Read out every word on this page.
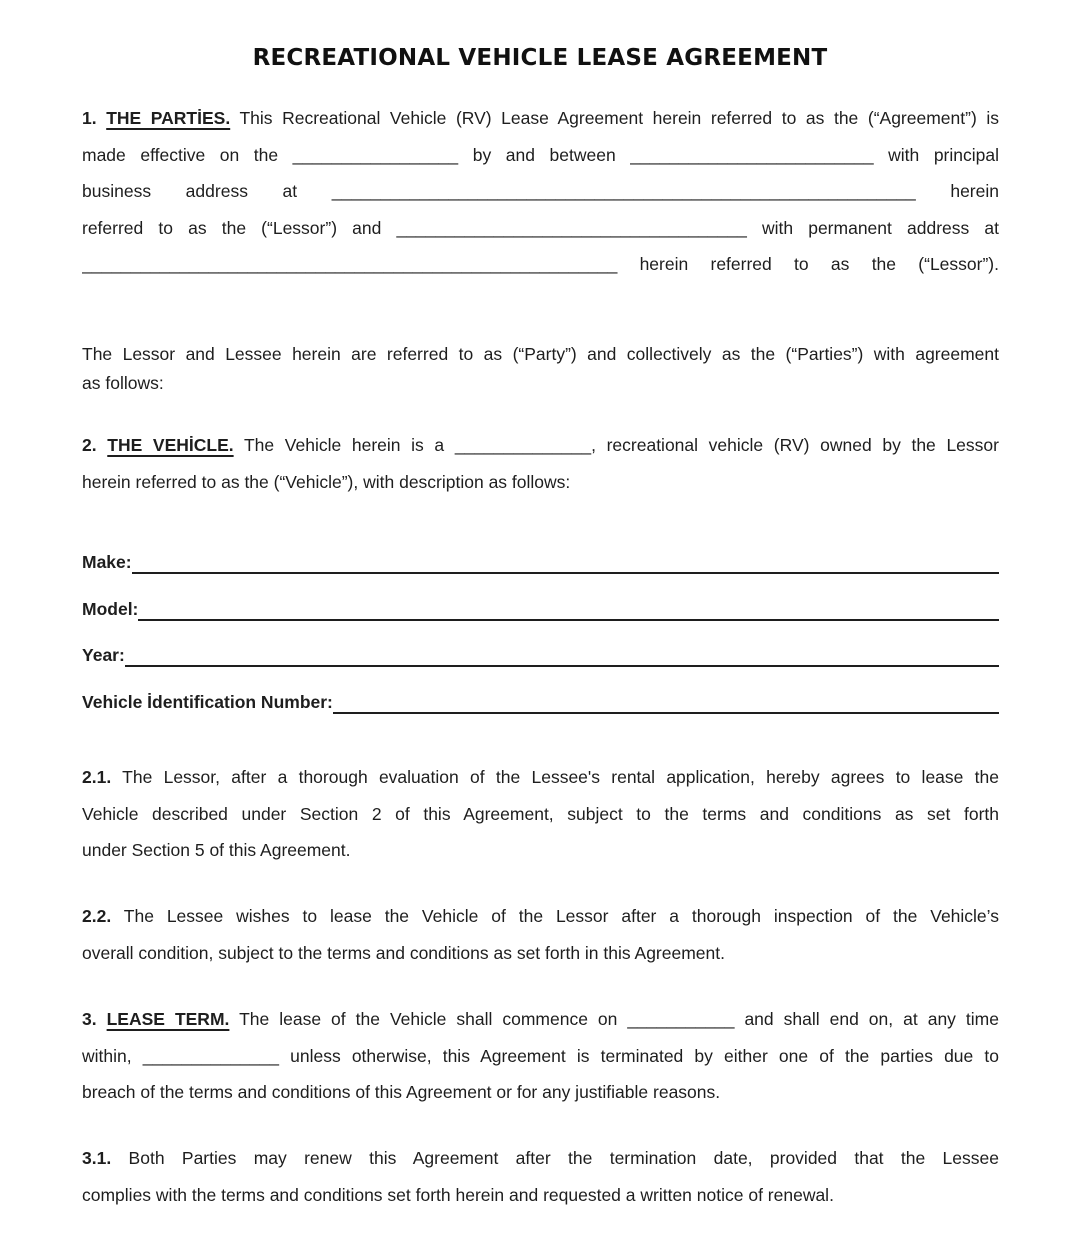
RECREATIONAL VEHICLE LEASE AGREEMENT
1. THE PARTİES. This Recreational Vehicle (RV) Lease Agreement herein referred to as the (“Agreement”) is
made effective on the _________________ by and between _________________________ with principal
business address at ____________________________________________________________ herein
referred to as the (“Lessor”) and ____________________________________ with permanent address at
_______________________________________________________ herein referred to as the (“Lessor”).
The Lessor and Lessee herein are referred to as (“Party”) and collectively as the (“Parties”) with agreement
as follows:
2. THE VEHİCLE. The Vehicle herein is a ______________, recreational vehicle (RV) owned by the Lessor
herein referred to as the (“Vehicle”), with description as follows:
Make:
Model:
Year:
Vehicle İdentification Number:
2.1. The Lessor, after a thorough evaluation of the Lessee's rental application, hereby agrees to lease the
Vehicle described under Section 2 of this Agreement, subject to the terms and conditions as set forth
under Section 5 of this Agreement.
2.2. The Lessee wishes to lease the Vehicle of the Lessor after a thorough inspection of the Vehicle’s
overall condition, subject to the terms and conditions as set forth in this Agreement.
3. LEASE TERM. The lease of the Vehicle shall commence on ___________ and shall end on, at any time
within, ______________ unless otherwise, this Agreement is terminated by either one of the parties due to
breach of the terms and conditions of this Agreement or for any justifiable reasons.
3.1. Both Parties may renew this Agreement after the termination date, provided that the Lessee
complies with the terms and conditions set forth herein and requested a written notice of renewal.
